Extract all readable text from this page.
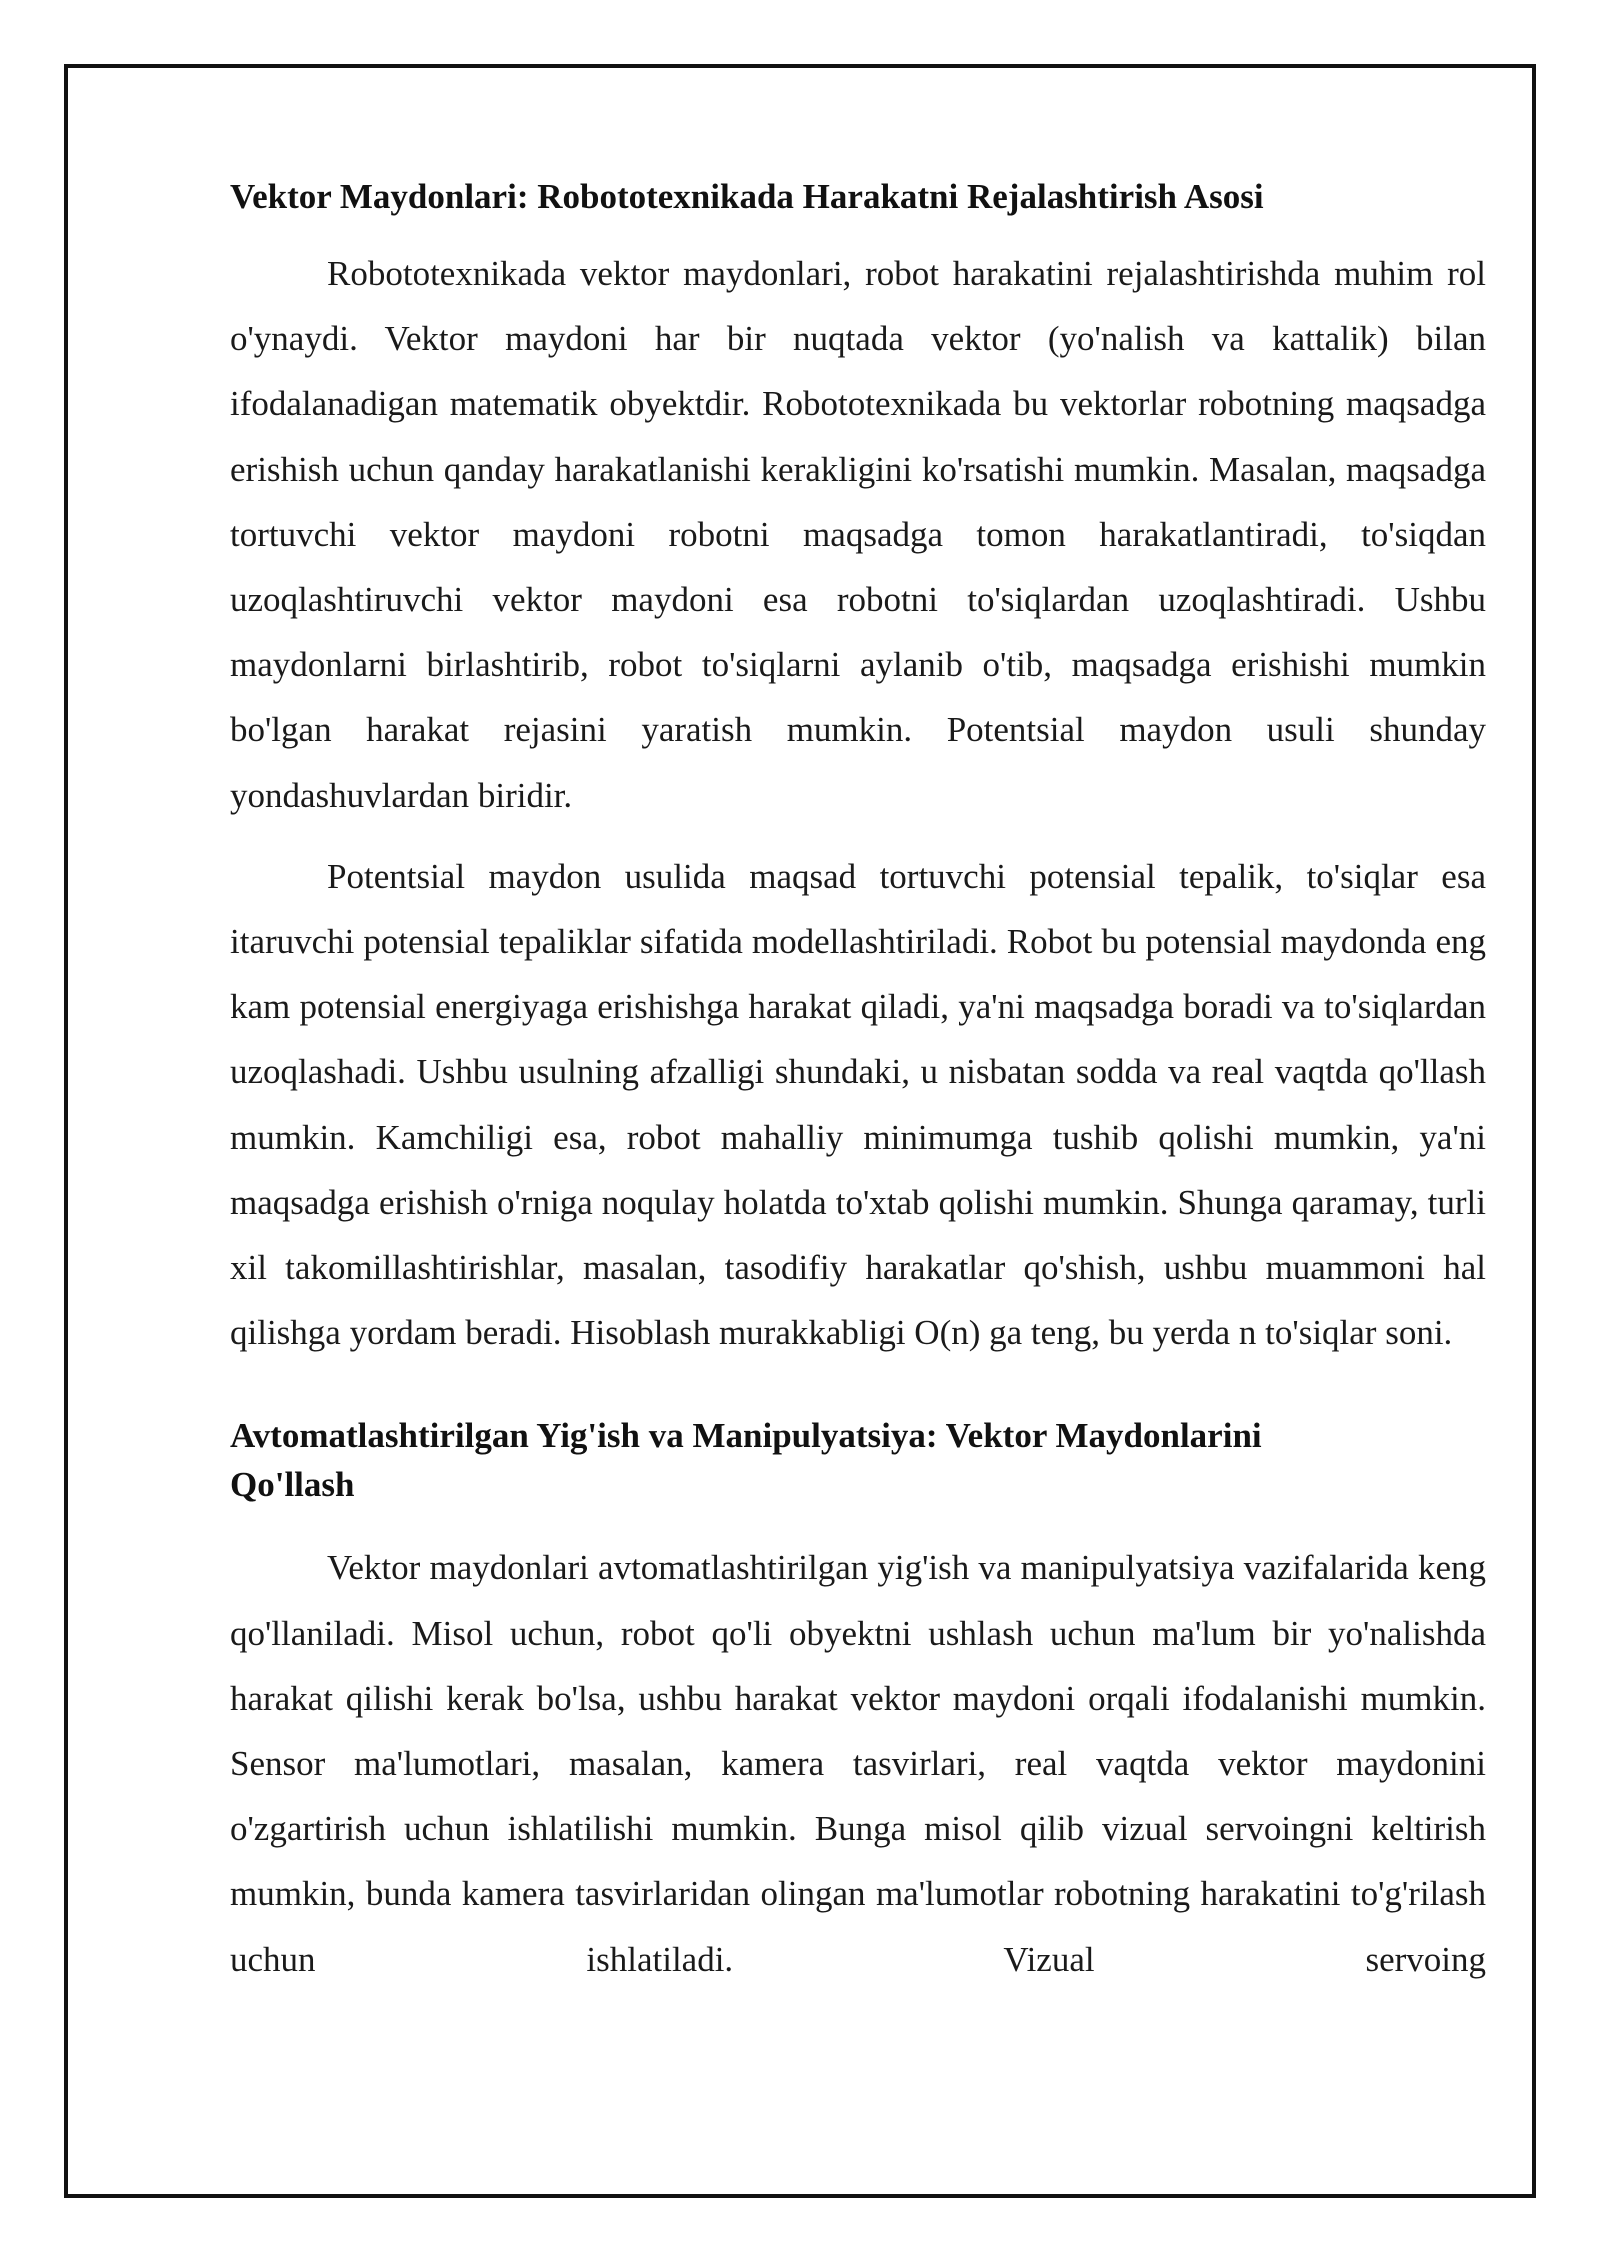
Vektor Maydonlari: Robototexnikada Harakatni Rejalashtirish Asosi

Robototexnikada vektor maydonlari, robot harakatini rejalashtirishda muhim rol o'ynaydi. Vektor maydoni har bir nuqtada vektor (yo'nalish va kattalik) bilan ifodalanadigan matematik obyektdir. Robototexnikada bu vektorlar robotning maqsadga erishish uchun qanday harakatlanishi kerakligini ko'rsatishi mumkin. Masalan, maqsadga tortuvchi vektor maydoni robotni maqsadga tomon harakatlantiradi, to'siqdan uzoqlashtiruvchi vektor maydoni esa robotni to'siqlardan uzoqlashtiradi. Ushbu maydonlarni birlashtirib, robot to'siqlarni aylanib o'tib, maqsadga erishishi mumkin bo'lgan harakat rejasini yaratish mumkin. Potentsial maydon usuli shunday yondashuvlardan biridir.

Potentsial maydon usulida maqsad tortuvchi potensial tepalik, to'siqlar esa itaruvchi potensial tepaliklar sifatida modellashtiriladi. Robot bu potensial maydonda eng kam potensial energiyaga erishishga harakat qiladi, ya'ni maqsadga boradi va to'siqlardan uzoqlashadi. Ushbu usulning afzalligi shundaki, u nisbatan sodda va real vaqtda qo'llash mumkin. Kamchiligi esa, robot mahalliy minimumga tushib qolishi mumkin, ya'ni maqsadga erishish o'rniga noqulay holatda to'xtab qolishi mumkin. Shunga qaramay, turli xil takomillashtirishlar, masalan, tasodifiy harakatlar qo'shish, ushbu muammoni hal qilishga yordam beradi. Hisoblash murakkabligi O(n) ga teng, bu yerda n to'siqlar soni.

Avtomatlashtirilgan Yig'ish va Manipulyatsiya: Vektor Maydonlarini Qo'llash

Vektor maydonlari avtomatlashtirilgan yig'ish va manipulyatsiya vazifalarida keng qo'llaniladi. Misol uchun, robot qo'li obyektni ushlash uchun ma'lum bir yo'nalishda harakat qilishi kerak bo'lsa, ushbu harakat vektor maydoni orqali ifodalanishi mumkin. Sensor ma'lumotlari, masalan, kamera tasvirlari, real vaqtda vektor maydonini o'zgartirish uchun ishlatilishi mumkin. Bunga misol qilib vizual servoingni keltirish mumkin, bunda kamera tasvirlaridan olingan ma'lumotlar robotning harakatini to'g'rilash uchun ishlatiladi. Vizual servoing
